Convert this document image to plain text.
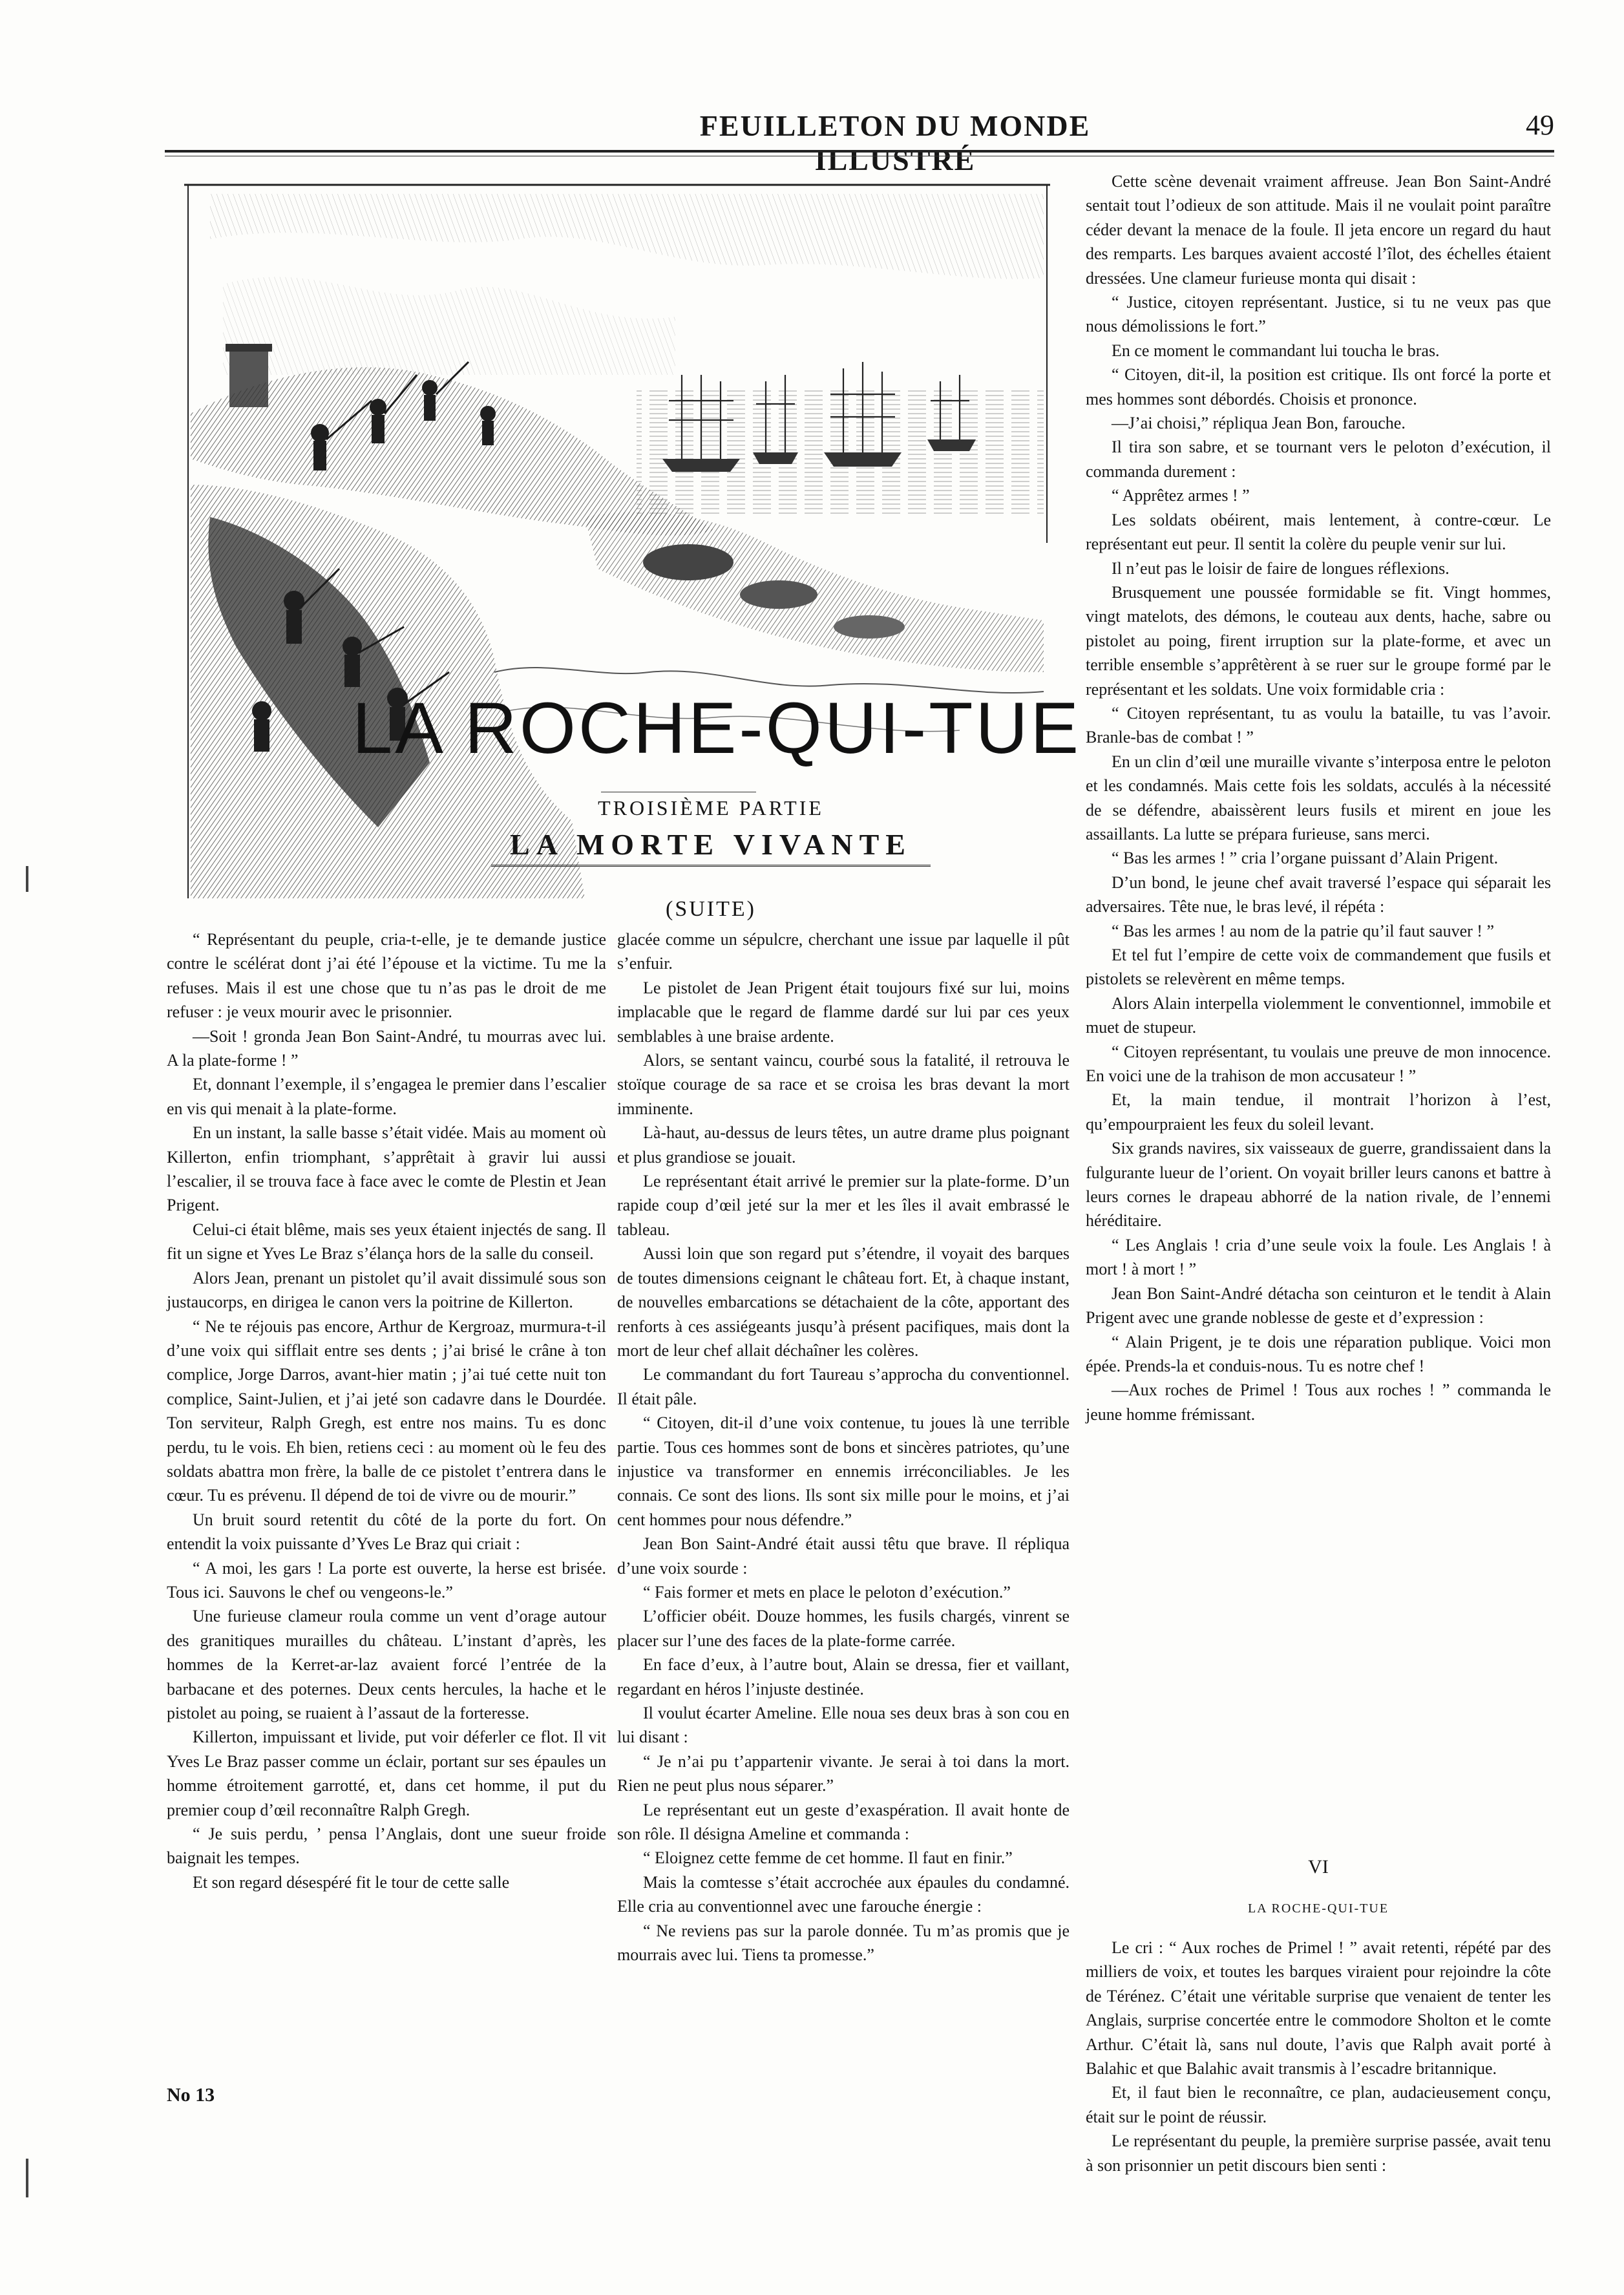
FEUILLETON DU MONDE ILLUSTRÉ
49
LA ROCHE-QUI-TUE
TROISIÈME PARTIE
LA MORTE VIVANTE
(SUITE)

“ Représentant du peuple, cria-t-elle, je te demande justice contre le scélérat dont j’ai été l’épouse et la victime. Tu me la refuses. Mais il est une chose que tu n’as pas le droit de me refuser : je veux mourir avec le prisonnier.

—Soit ! gronda Jean Bon Saint-André, tu mourras avec lui. A la plate-forme ! ”

Et, donnant l’exemple, il s’engagea le premier dans l’escalier en vis qui menait à la plate-forme.

En un instant, la salle basse s’était vidée. Mais au moment où Killerton, enfin triomphant, s’apprêtait à gravir lui aussi l’escalier, il se trouva face à face avec le comte de Plestin et Jean Prigent.

Celui-ci était blême, mais ses yeux étaient injectés de sang. Il fit un signe et Yves Le Braz s’élança hors de la salle du conseil.

Alors Jean, prenant un pistolet qu’il avait dissimulé sous son justaucorps, en dirigea le canon vers la poitrine de Killerton.

“ Ne te réjouis pas encore, Arthur de Kergroaz, murmura-t-il d’une voix qui sifflait entre ses dents ; j’ai brisé le crâne à ton complice, Jorge Darros, avant-hier matin ; j’ai tué cette nuit ton complice, Saint-Julien, et j’ai jeté son cadavre dans le Dourdée. Ton serviteur, Ralph Gregh, est entre nos mains. Tu es donc perdu, tu le vois. Eh bien, retiens ceci : au moment où le feu des soldats abattra mon frère, la balle de ce pistolet t’entrera dans le cœur. Tu es prévenu. Il dépend de toi de vivre ou de mourir.”

Un bruit sourd retentit du côté de la porte du fort. On entendit la voix puissante d’Yves Le Braz qui criait :

“ A moi, les gars ! La porte est ouverte, la herse est brisée. Tous ici. Sauvons le chef ou vengeons-le.”

Une furieuse clameur roula comme un vent d’orage autour des granitiques murailles du château. L’instant d’après, les hommes de la Kerret-ar-laz avaient forcé l’entrée de la barbacane et des poternes. Deux cents hercules, la hache et le pistolet au poing, se ruaient à l’assaut de la forteresse.

Killerton, impuissant et livide, put voir déferler ce flot. Il vit Yves Le Braz passer comme un éclair, portant sur ses épaules un homme étroitement garrotté, et, dans cet homme, il put du premier coup d’œil reconnaître Ralph Gregh.

“ Je suis perdu, ’ pensa l’Anglais, dont une sueur froide baignait les tempes.

Et son regard désespéré fit le tour de cette salle

glacée comme un sépulcre, cherchant une issue par laquelle il pût s’enfuir.

Le pistolet de Jean Prigent était toujours fixé sur lui, moins implacable que le regard de flamme dardé sur lui par ces yeux semblables à une braise ardente.

Alors, se sentant vaincu, courbé sous la fatalité, il retrouva le stoïque courage de sa race et se croisa les bras devant la mort imminente.

Là-haut, au-dessus de leurs têtes, un autre drame plus poignant et plus grandiose se jouait.

Le représentant était arrivé le premier sur la plate-forme. D’un rapide coup d’œil jeté sur la mer et les îles il avait embrassé le tableau.

Aussi loin que son regard put s’étendre, il voyait des barques de toutes dimensions ceignant le château fort. Et, à chaque instant, de nouvelles embarcations se détachaient de la côte, apportant des renforts à ces assiégeants jusqu’à présent pacifiques, mais dont la mort de leur chef allait déchaîner les colères.

Le commandant du fort Taureau s’approcha du conventionnel. Il était pâle.

“ Citoyen, dit-il d’une voix contenue, tu joues là une terrible partie. Tous ces hommes sont de bons et sincères patriotes, qu’une injustice va transformer en ennemis irréconciliables. Je les connais. Ce sont des lions. Ils sont six mille pour le moins, et j’ai cent hommes pour nous défendre.”

Jean Bon Saint-André était aussi têtu que brave. Il répliqua d’une voix sourde :

“ Fais former et mets en place le peloton d’exécution.”

L’officier obéit. Douze hommes, les fusils chargés, vinrent se placer sur l’une des faces de la plate-forme carrée.

En face d’eux, à l’autre bout, Alain se dressa, fier et vaillant, regardant en héros l’injuste destinée.

Il voulut écarter Ameline. Elle noua ses deux bras à son cou en lui disant :

“ Je n’ai pu t’appartenir vivante. Je serai à toi dans la mort. Rien ne peut plus nous séparer.”

Le représentant eut un geste d’exaspération. Il avait honte de son rôle. Il désigna Ameline et commanda :

“ Eloignez cette femme de cet homme. Il faut en finir.”

Mais la comtesse s’était accrochée aux épaules du condamné. Elle cria au conventionnel avec une farouche énergie :

“ Ne reviens pas sur la parole donnée. Tu m’as promis que je mourrais avec lui. Tiens ta promesse.”

Cette scène devenait vraiment affreuse. Jean Bon Saint-André sentait tout l’odieux de son attitude. Mais il ne voulait point paraître céder devant la menace de la foule. Il jeta encore un regard du haut des remparts. Les barques avaient accosté l’îlot, des échelles étaient dressées. Une clameur furieuse monta qui disait :

“ Justice, citoyen représentant. Justice, si tu ne veux pas que nous démolissions le fort.”

En ce moment le commandant lui toucha le bras.

“ Citoyen, dit-il, la position est critique. Ils ont forcé la porte et mes hommes sont débordés. Choisis et prononce.

—J’ai choisi,” répliqua Jean Bon, farouche.

Il tira son sabre, et se tournant vers le peloton d’exécution, il commanda durement :

“ Apprêtez armes ! ”

Les soldats obéirent, mais lentement, à contre-cœur. Le représentant eut peur. Il sentit la colère du peuple venir sur lui.

Il n’eut pas le loisir de faire de longues réflexions.

Brusquement une poussée formidable se fit. Vingt hommes, vingt matelots, des démons, le couteau aux dents, hache, sabre ou pistolet au poing, firent irruption sur la plate-forme, et avec un terrible ensemble s’apprêtèrent à se ruer sur le groupe formé par le représentant et les soldats. Une voix formidable cria :

“ Citoyen représentant, tu as voulu la bataille, tu vas l’avoir. Branle-bas de combat ! ”

En un clin d’œil une muraille vivante s’interposa entre le peloton et les condamnés. Mais cette fois les soldats, acculés à la nécessité de se défendre, abaissèrent leurs fusils et mirent en joue les assaillants. La lutte se prépara furieuse, sans merci.

“ Bas les armes ! ” cria l’organe puissant d’Alain Prigent.

D’un bond, le jeune chef avait traversé l’espace qui séparait les adversaires. Tête nue, le bras levé, il répéta :

“ Bas les armes ! au nom de la patrie qu’il faut sauver ! ”

Et tel fut l’empire de cette voix de commandement que fusils et pistolets se relevèrent en même temps.

Alors Alain interpella violemment le conventionnel, immobile et muet de stupeur.

“ Citoyen représentant, tu voulais une preuve de mon innocence. En voici une de la trahison de mon accusateur ! ”

Et, la main tendue, il montrait l’horizon à l’est, qu’empourpraient les feux du soleil levant.

Six grands navires, six vaisseaux de guerre, grandissaient dans la fulgurante lueur de l’orient. On voyait briller leurs canons et battre à leurs cornes le drapeau abhorré de la nation rivale, de l’ennemi héréditaire.

“ Les Anglais ! cria d’une seule voix la foule. Les Anglais ! à mort ! à mort ! ”

Jean Bon Saint-André détacha son ceinturon et le tendit à Alain Prigent avec une grande noblesse de geste et d’expression :

“ Alain Prigent, je te dois une réparation publique. Voici mon épée. Prends-la et conduis-nous. Tu es notre chef !

—Aux roches de Primel ! Tous aux roches ! ” commanda le jeune homme frémissant.

VI
LA ROCHE-QUI-TUE

Le cri : “ Aux roches de Primel ! ” avait retenti, répété par des milliers de voix, et toutes les barques viraient pour rejoindre la côte de Térénez. C’était une véritable surprise que venaient de tenter les Anglais, surprise concertée entre le commodore Sholton et le comte Arthur. C’était là, sans nul doute, l’avis que Ralph avait porté à Balahic et que Balahic avait transmis à l’escadre britannique.

Et, il faut bien le reconnaître, ce plan, audacieusement conçu, était sur le point de réussir.

Le représentant du peuple, la première surprise passée, avait tenu à son prisonnier un petit discours bien senti :

No 13
